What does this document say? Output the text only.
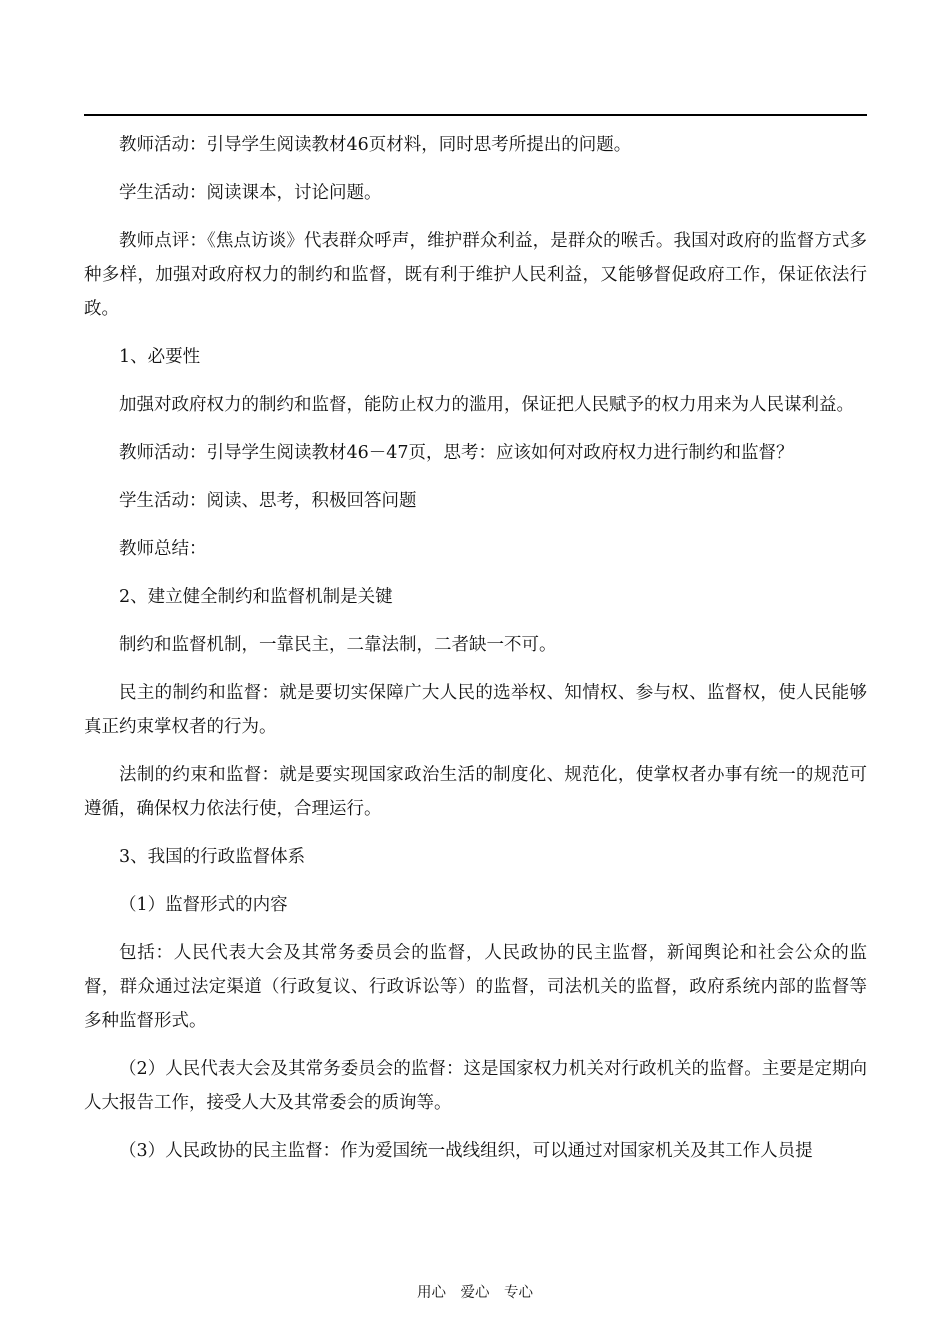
教师活动：引导学生阅读教材46页材料，同时思考所提出的问题。

学生活动：阅读课本，讨论问题。

教师点评：《焦点访谈》代表群众呼声，维护群众利益，是群众的喉舌。我国对政府的监督方式多种多样，加强对政府权力的制约和监督，既有利于维护人民利益，又能够督促政府工作，保证依法行政。

1、必要性

加强对政府权力的制约和监督，能防止权力的滥用，保证把人民赋予的权力用来为人民谋利益。

教师活动：引导学生阅读教材46－47页，思考：应该如何对政府权力进行制约和监督？

学生活动：阅读、思考，积极回答问题

教师总结：

2、建立健全制约和监督机制是关键

制约和监督机制，一靠民主，二靠法制，二者缺一不可。

民主的制约和监督：就是要切实保障广大人民的选举权、知情权、参与权、监督权，使人民能够真正约束掌权者的行为。

法制的约束和监督：就是要实现国家政治生活的制度化、规范化，使掌权者办事有统一的规范可遵循，确保权力依法行使，合理运行。

3、我国的行政监督体系

（1）监督形式的内容

包括：人民代表大会及其常务委员会的监督，人民政协的民主监督，新闻舆论和社会公众的监督，群众通过法定渠道（行政复议、行政诉讼等）的监督，司法机关的监督，政府系统内部的监督等多种监督形式。

（2）人民代表大会及其常务委员会的监督：这是国家权力机关对行政机关的监督。主要是定期向人大报告工作，接受人大及其常委会的质询等。

（3）人民政协的民主监督：作为爱国统一战线组织，可以通过对国家机关及其工作人员提

用心　爱心　专心
